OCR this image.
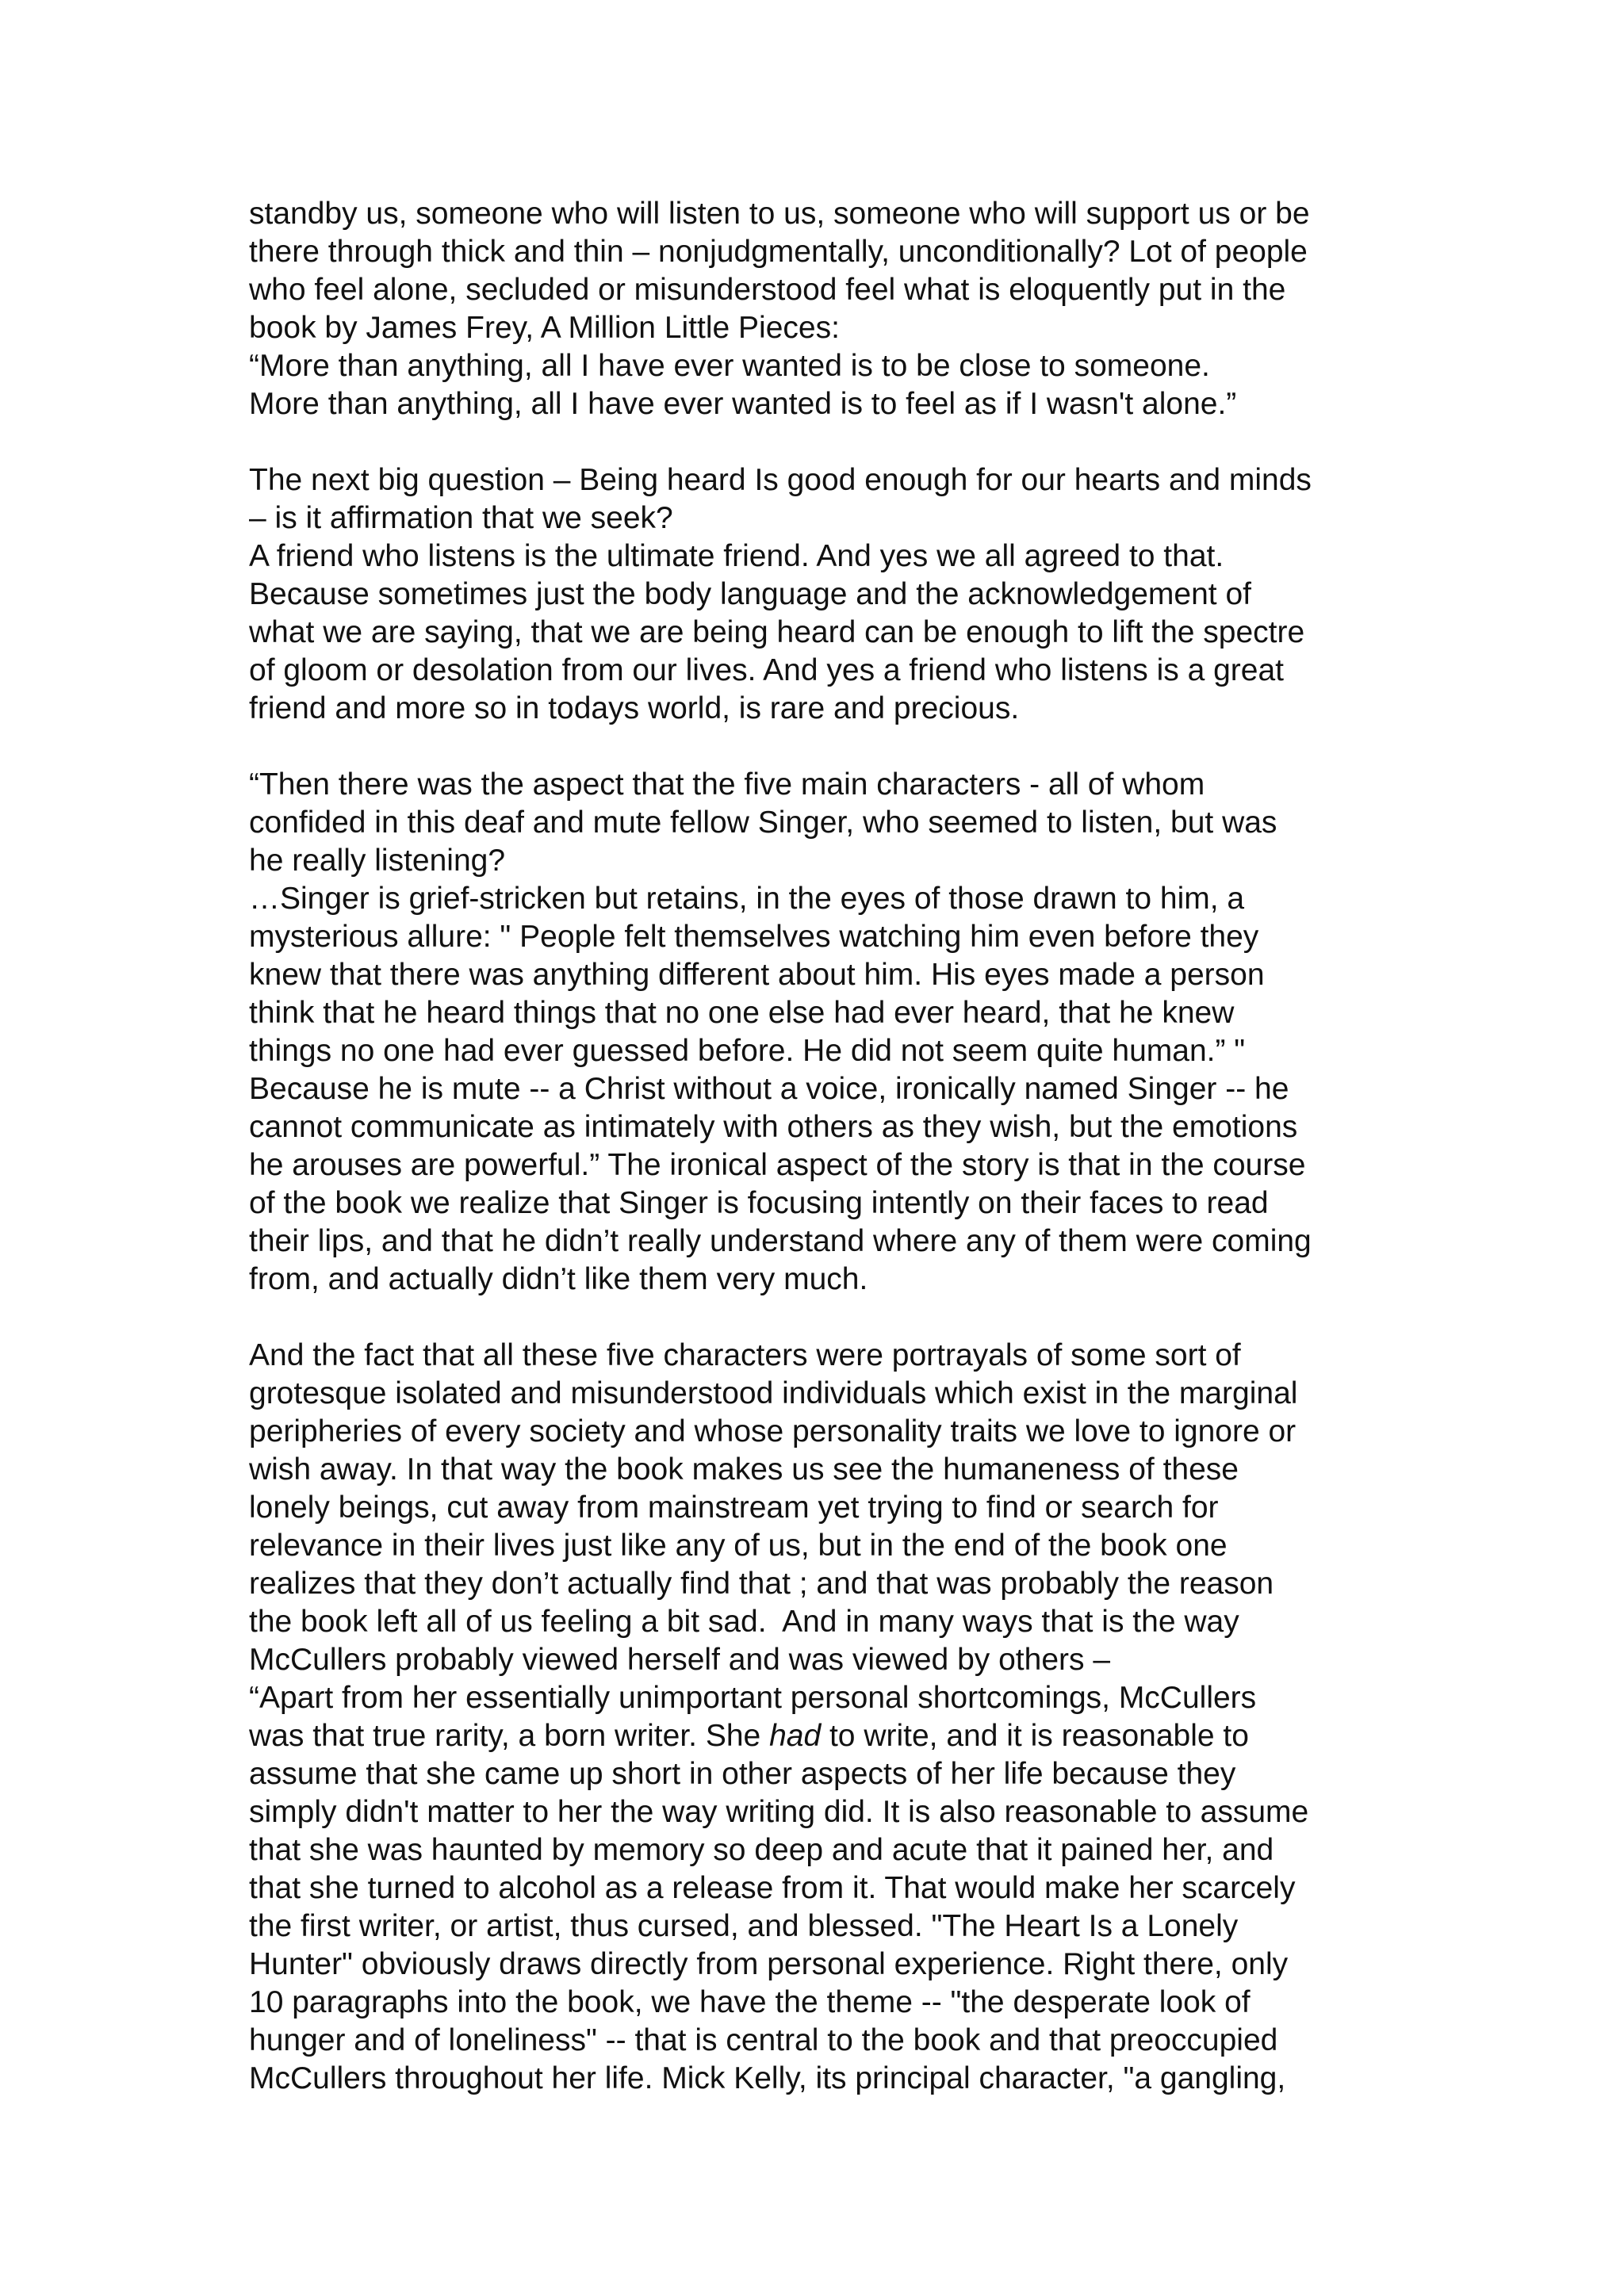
standby us, someone who will listen to us, someone who will support us or be
there through thick and thin – nonjudgmentally, unconditionally? Lot of people
who feel alone, secluded or misunderstood feel what is eloquently put in the
book by James Frey, A Million Little Pieces:
“More than anything, all I have ever wanted is to be close to someone.
More than anything, all I have ever wanted is to feel as if I wasn't alone.”
The next big question – Being heard Is good enough for our hearts and minds
– is it affirmation that we seek?
A friend who listens is the ultimate friend. And yes we all agreed to that.
Because sometimes just the body language and the acknowledgement of
what we are saying, that we are being heard can be enough to lift the spectre
of gloom or desolation from our lives. And yes a friend who listens is a great
friend and more so in todays world, is rare and precious.
“Then there was the aspect that the five main characters - all of whom
confided in this deaf and mute fellow Singer, who seemed to listen, but was
he really listening?
…Singer is grief-stricken but retains, in the eyes of those drawn to him, a
mysterious allure: " People felt themselves watching him even before they
knew that there was anything different about him. His eyes made a person
think that he heard things that no one else had ever heard, that he knew
things no one had ever guessed before. He did not seem quite human.” "
Because he is mute -- a Christ without a voice, ironically named Singer -- he
cannot communicate as intimately with others as they wish, but the emotions
he arouses are powerful.” The ironical aspect of the story is that in the course
of the book we realize that Singer is focusing intently on their faces to read
their lips, and that he didn’t really understand where any of them were coming
from, and actually didn’t like them very much.
And the fact that all these five characters were portrayals of some sort of
grotesque isolated and misunderstood individuals which exist in the marginal
peripheries of every society and whose personality traits we love to ignore or
wish away. In that way the book makes us see the humaneness of these
lonely beings, cut away from mainstream yet trying to find or search for
relevance in their lives just like any of us, but in the end of the book one
realizes that they don’t actually find that ; and that was probably the reason
the book left all of us feeling a bit sad.  And in many ways that is the way
McCullers probably viewed herself and was viewed by others –
“Apart from her essentially unimportant personal shortcomings, McCullers
was that true rarity, a born writer. She had to write, and it is reasonable to
assume that she came up short in other aspects of her life because they
simply didn't matter to her the way writing did. It is also reasonable to assume
that she was haunted by memory so deep and acute that it pained her, and
that she turned to alcohol as a release from it. That would make her scarcely
the first writer, or artist, thus cursed, and blessed. "The Heart Is a Lonely
Hunter" obviously draws directly from personal experience. Right there, only
10 paragraphs into the book, we have the theme -- "the desperate look of
hunger and of loneliness" -- that is central to the book and that preoccupied
McCullers throughout her life. Mick Kelly, its principal character, "a gangling,
